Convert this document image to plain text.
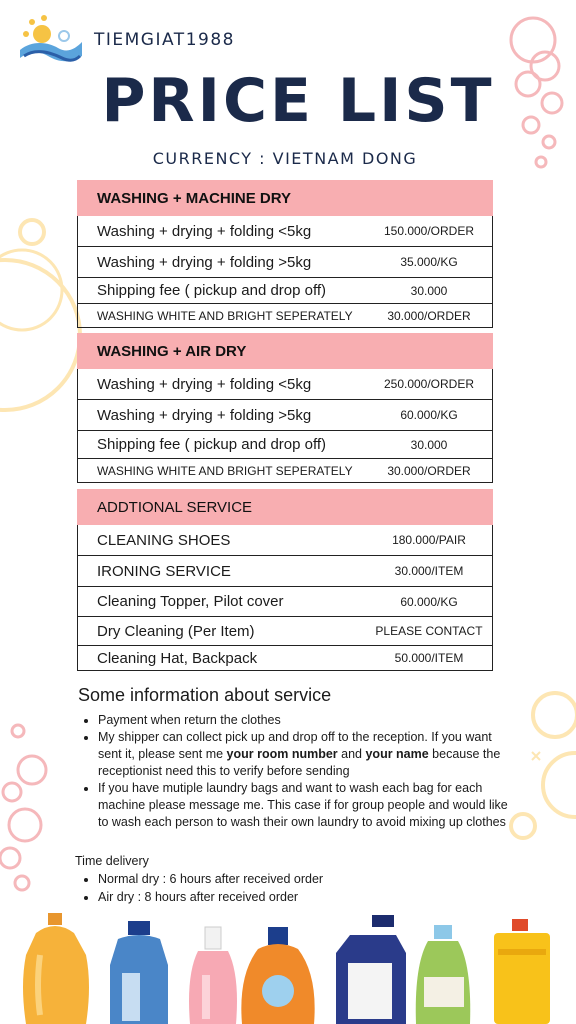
TIEMGIAT1988
PRICE LIST
CURRENCY : VIETNAM DONG
WASHING + MACHINE DRY
Washing + drying + folding <5kg	150.000/ORDER
Washing + drying + folding >5kg	35.000/KG
Shipping fee ( pickup and drop off)	30.000
WASHING WHITE AND BRIGHT SEPERATELY	30.000/ORDER
WASHING + AIR DRY
Washing + drying + folding <5kg	250.000/ORDER
Washing + drying + folding >5kg	60.000/KG
Shipping fee ( pickup and drop off)	30.000
WASHING WHITE AND BRIGHT SEPERATELY	30.000/ORDER
ADDTIONAL SERVICE
CLEANING SHOES	180.000/PAIR
IRONING SERVICE	30.000/ITEM
Cleaning Topper, Pilot cover	60.000/KG
Dry Cleaning (Per Item)	PLEASE CONTACT
Cleaning Hat, Backpack	50.000/ITEM
Some information about service
• Payment when return the clothes
• My shipper can collect pick up and drop off to the reception. If you want sent it, please sent me your room number and your name because the receptionist need this to verify before sending
• If you have mutiple laundry bags and want to wash each bag for each machine please message me. This case if for group people and would like to wash each person to wash their own laundry to avoid mixing up clothes
Time delivery
• Normal dry : 6 hours after received order
• Air dry : 8 hours after received order
